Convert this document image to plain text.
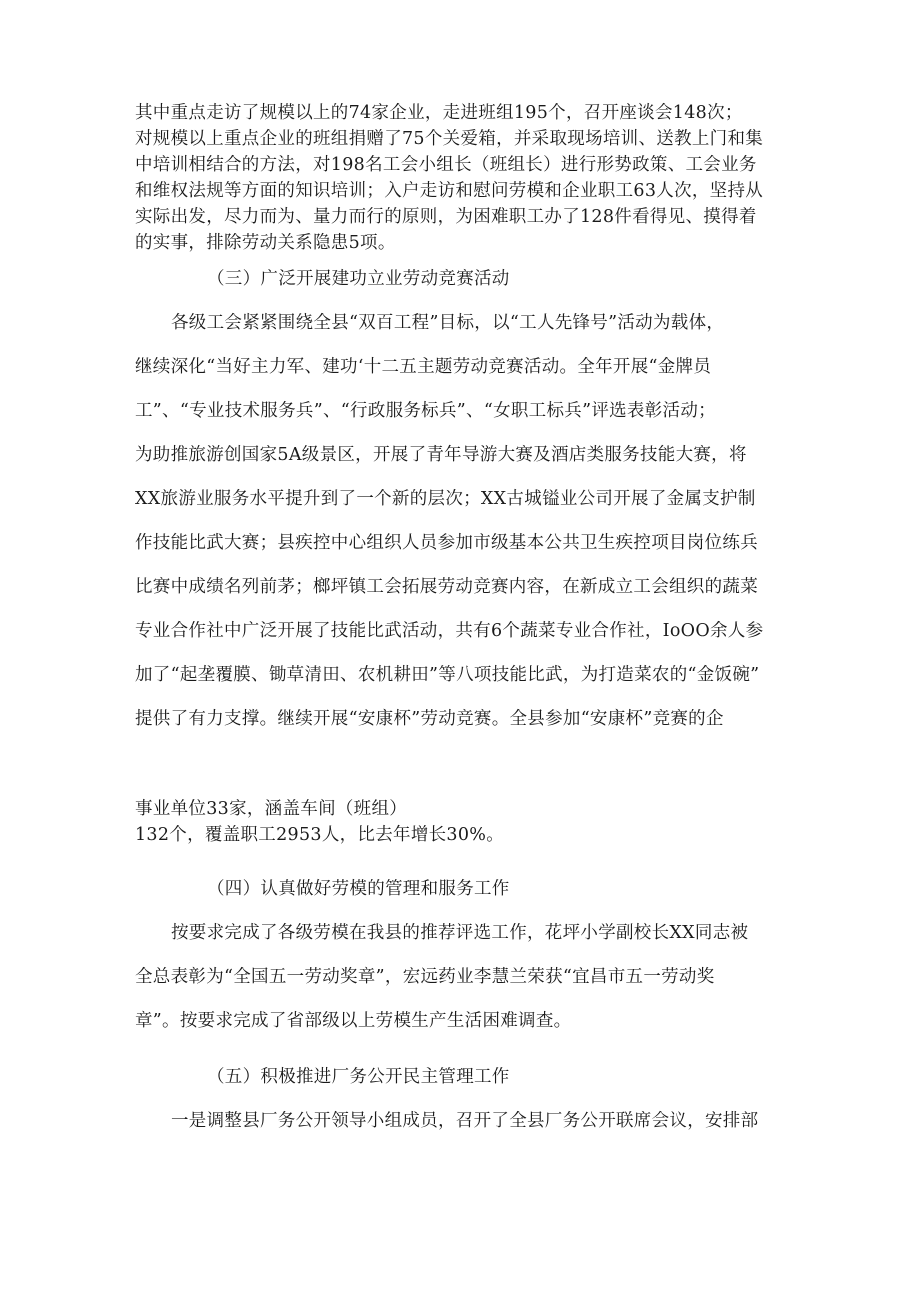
其中重点走访了规模以上的74家企业，走进班组195个，召开座谈会148次；
对规模以上重点企业的班组捐赠了75个关爱箱，并采取现场培训、送教上门和集
中培训相结合的方法，对198名工会小组长（班组长）进行形势政策、工会业务
和维权法规等方面的知识培训；入户走访和慰问劳模和企业职工63人次，坚持从
实际出发，尽力而为、量力而行的原则，为困难职工办了128件看得见、摸得着
的实事，排除劳动关系隐患5项。
（三）广泛开展建功立业劳动竞赛活动
各级工会紧紧围绕全县“双百工程”目标，以“工人先锋号”活动为载体，
继续深化“当好主力军、建功‘十二五主题劳动竞赛活动。全年开展“金牌员
工”、“专业技术服务兵”、“行政服务标兵”、“女职工标兵”评选表彰活动；
为助推旅游创国家5A级景区，开展了青年导游大赛及酒店类服务技能大赛，将
XX旅游业服务水平提升到了一个新的层次；XX古城镒业公司开展了金属支护制
作技能比武大赛；县疾控中心组织人员参加市级基本公共卫生疾控项目岗位练兵
比赛中成绩名列前茅；榔坪镇工会拓展劳动竞赛内容，在新成立工会组织的蔬菜
专业合作社中广泛开展了技能比武活动，共有6个蔬菜专业合作社，IoOO余人参
加了“起垄覆膜、锄草清田、农机耕田”等八项技能比武，为打造菜农的“金饭碗”
提供了有力支撑。继续开展“安康杯”劳动竞赛。全县参加“安康杯”竞赛的企
事业单位33家，涵盖车间（班组）
132个，覆盖职工2953人，比去年增长30%。
（四）认真做好劳模的管理和服务工作
按要求完成了各级劳模在我县的推荐评选工作，花坪小学副校长XX同志被
全总表彰为“全国五一劳动奖章”，宏远药业李慧兰荣获“宜昌市五一劳动奖
章”。按要求完成了省部级以上劳模生产生活困难调查。
（五）积极推进厂务公开民主管理工作
一是调整县厂务公开领导小组成员，召开了全县厂务公开联席会议，安排部
